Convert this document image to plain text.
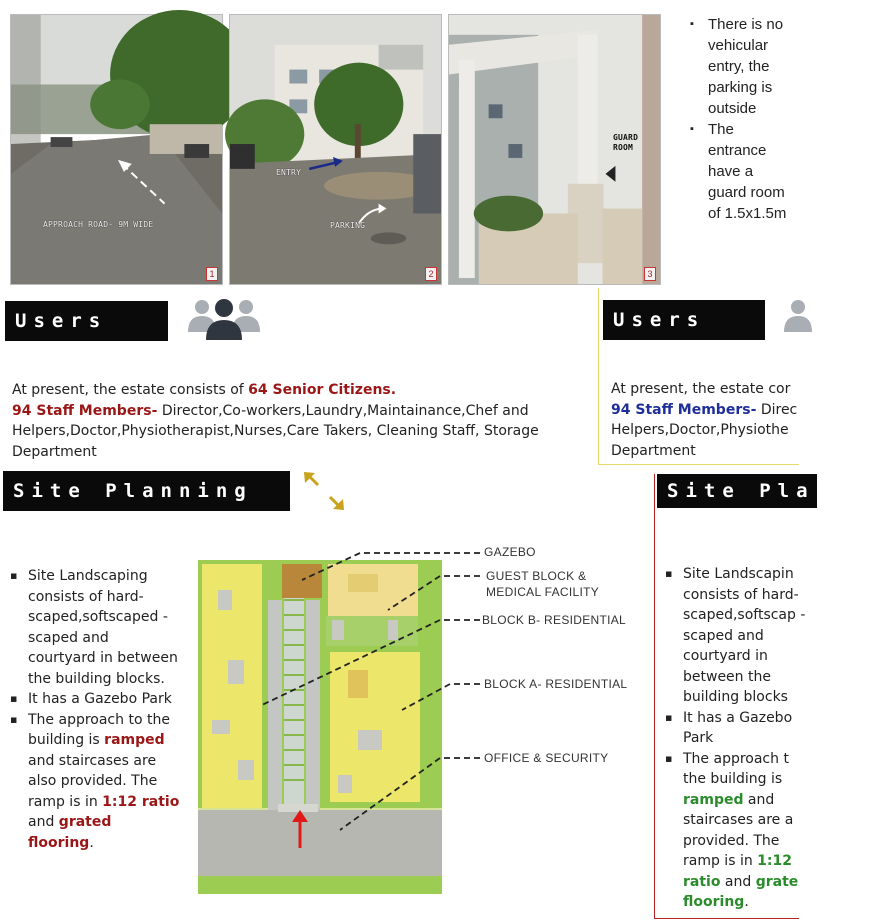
APPROACH ROAD- 9M WIDE
1
ENTRY
PARKING
2
GUARD ROOM
3
▪ There is no vehicular entry, the parking is outside
▪ The entrance have a guard room of 1.5x1.5m
Users

At present, the estate consists of 64 Senior Citizens.
94 Staff Members- Director,Co-workers,Laundry,Maintainance,Chef and Helpers,Doctor,Physiotherapist,Nurses,Care Takers, Cleaning Staff, Storage Department

Users
At present, the estate cor
94 Staff Members- Direc
Helpers,Doctor,Physiothe
Department
Site Planning
▪ Site Landscaping consists of hard-scaped,softscaped -scaped and courtyard in between the building blocks.
▪ It has a Gazebo Park
▪ The approach to the building is ramped and staircases are also provided. The ramp is in 1:12 ratio and grated flooring.
GAZEBO
GUEST BLOCK & MEDICAL FACILITY
BLOCK B- RESIDENTIAL
BLOCK A- RESIDENTIAL
OFFICE & SECURITY
Site Pla
▪ Site Landscapin consists of hard- scaped,softscap -scaped and courtyard in between the building blocks
▪ It has a Gazebo Park
▪ The approach t the building is ramped and staircases are a provided. The ramp is in 1:12
ratio and grate
flooring.
